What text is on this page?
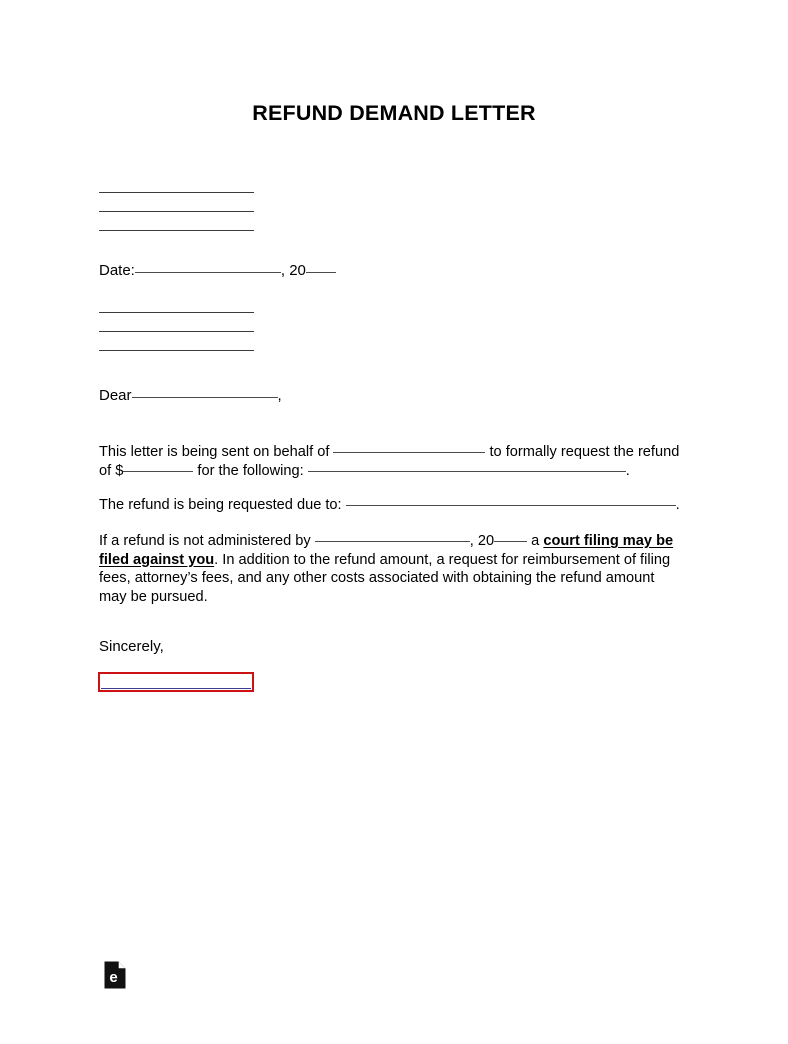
REFUND DEMAND LETTER
Date:	, 20
Dear	,
This letter is being sent on behalf of	to formally request the refund of $	for the following:	.
The refund is being requested due to:	.
If a refund is not administered by	, 20 a court filing may be filed against you. In addition to the refund amount, a request for reimbursement of filing fees, attorney’s fees, and any other costs associated with obtaining the refund amount may be pursued.
Sincerely,
e
